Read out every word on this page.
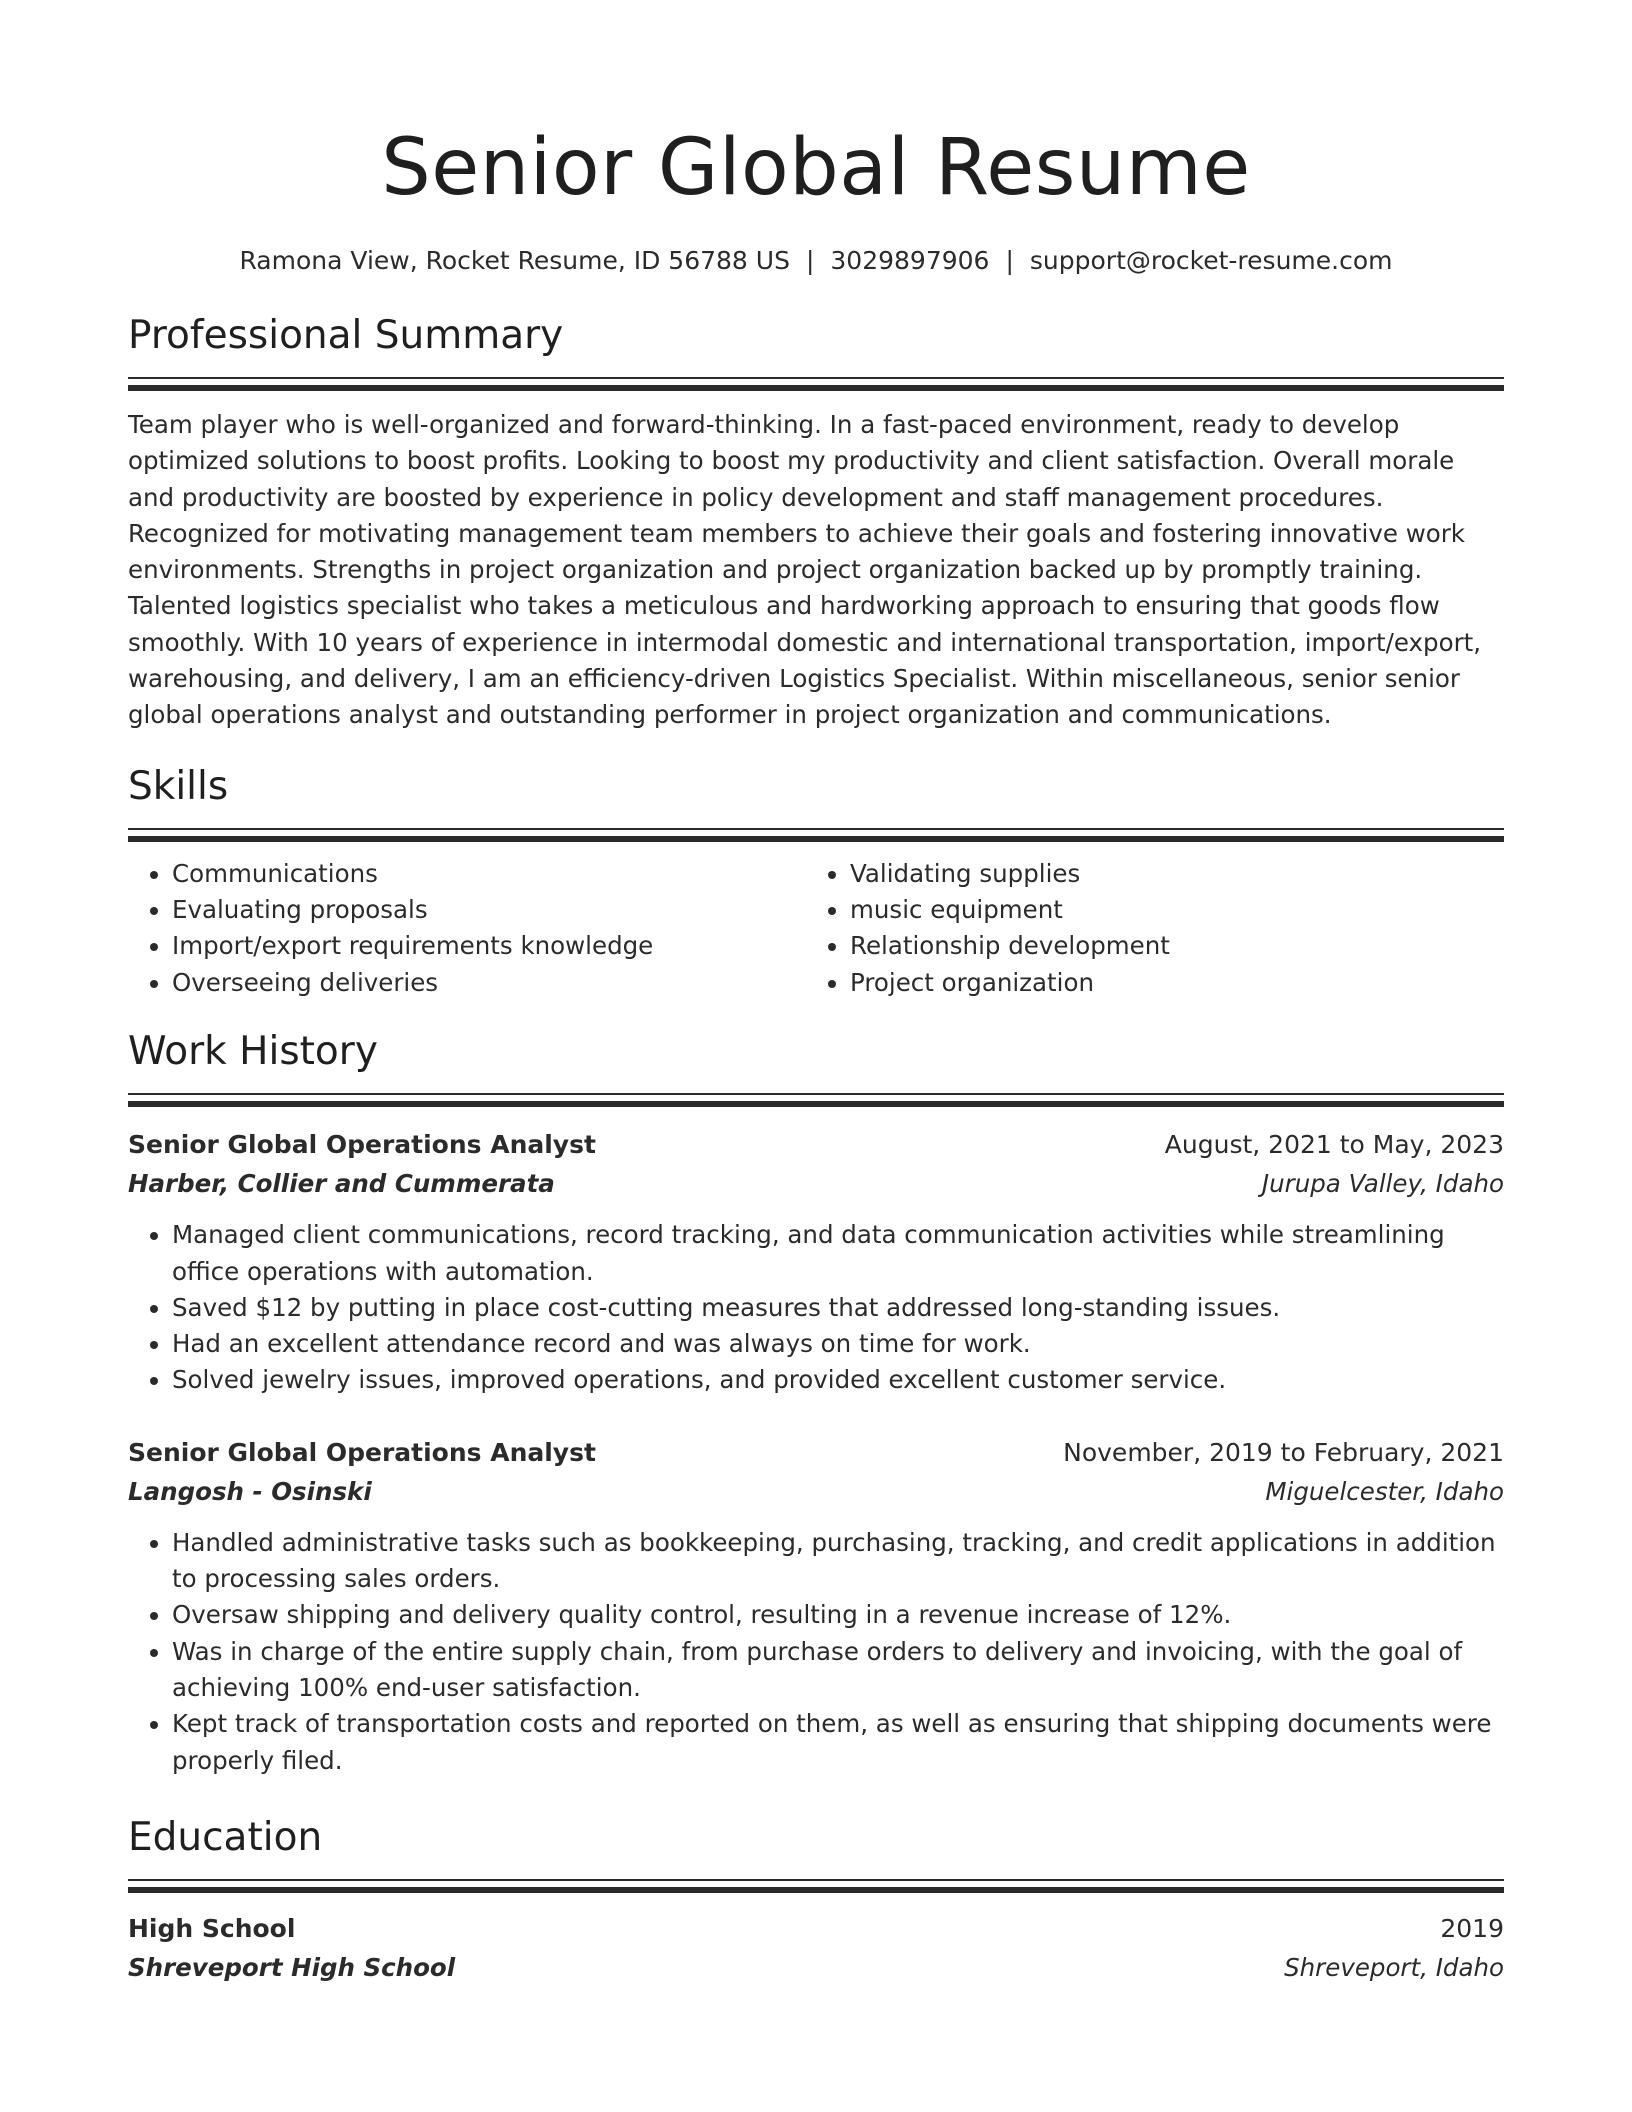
Senior Global Resume
Ramona View, Rocket Resume, ID 56788 US | 3029897906 | support@rocket-resume.com
Professional Summary

Team player who is well-organized and forward-thinking. In a fast-paced environment, ready to develop optimized solutions to boost profits. Looking to boost my productivity and client satisfaction. Overall morale and productivity are boosted by experience in policy development and staff management procedures. Recognized for motivating management team members to achieve their goals and fostering innovative work environments. Strengths in project organization and project organization backed up by promptly training. Talented logistics specialist who takes a meticulous and hardworking approach to ensuring that goods flow smoothly. With 10 years of experience in intermodal domestic and international transportation, import/export, warehousing, and delivery, I am an efficiency-driven Logistics Specialist. Within miscellaneous, senior senior global operations analyst and outstanding performer in project organization and communications.

Skills
• Communications
• Evaluating proposals
• Import/export requirements knowledge
• Overseeing deliveries
• Validating supplies
• music equipment
• Relationship development
• Project organization
Work History
Senior Global Operations Analyst	August, 2021 to May, 2023
Harber, Collier and Cummerata	Jurupa Valley, Idaho
• Managed client communications, record tracking, and data communication activities while streamlining office operations with automation.
• Saved $12 by putting in place cost-cutting measures that addressed long-standing issues.
• Had an excellent attendance record and was always on time for work.
• Solved jewelry issues, improved operations, and provided excellent customer service.
Senior Global Operations Analyst	November, 2019 to February, 2021
Langosh - Osinski	Miguelcester, Idaho
• Handled administrative tasks such as bookkeeping, purchasing, tracking, and credit applications in addition to processing sales orders.
• Oversaw shipping and delivery quality control, resulting in a revenue increase of 12%.
• Was in charge of the entire supply chain, from purchase orders to delivery and invoicing, with the goal of achieving 100% end-user satisfaction.
• Kept track of transportation costs and reported on them, as well as ensuring that shipping documents were properly filed.
Education
High School	2019
Shreveport High School	Shreveport, Idaho
